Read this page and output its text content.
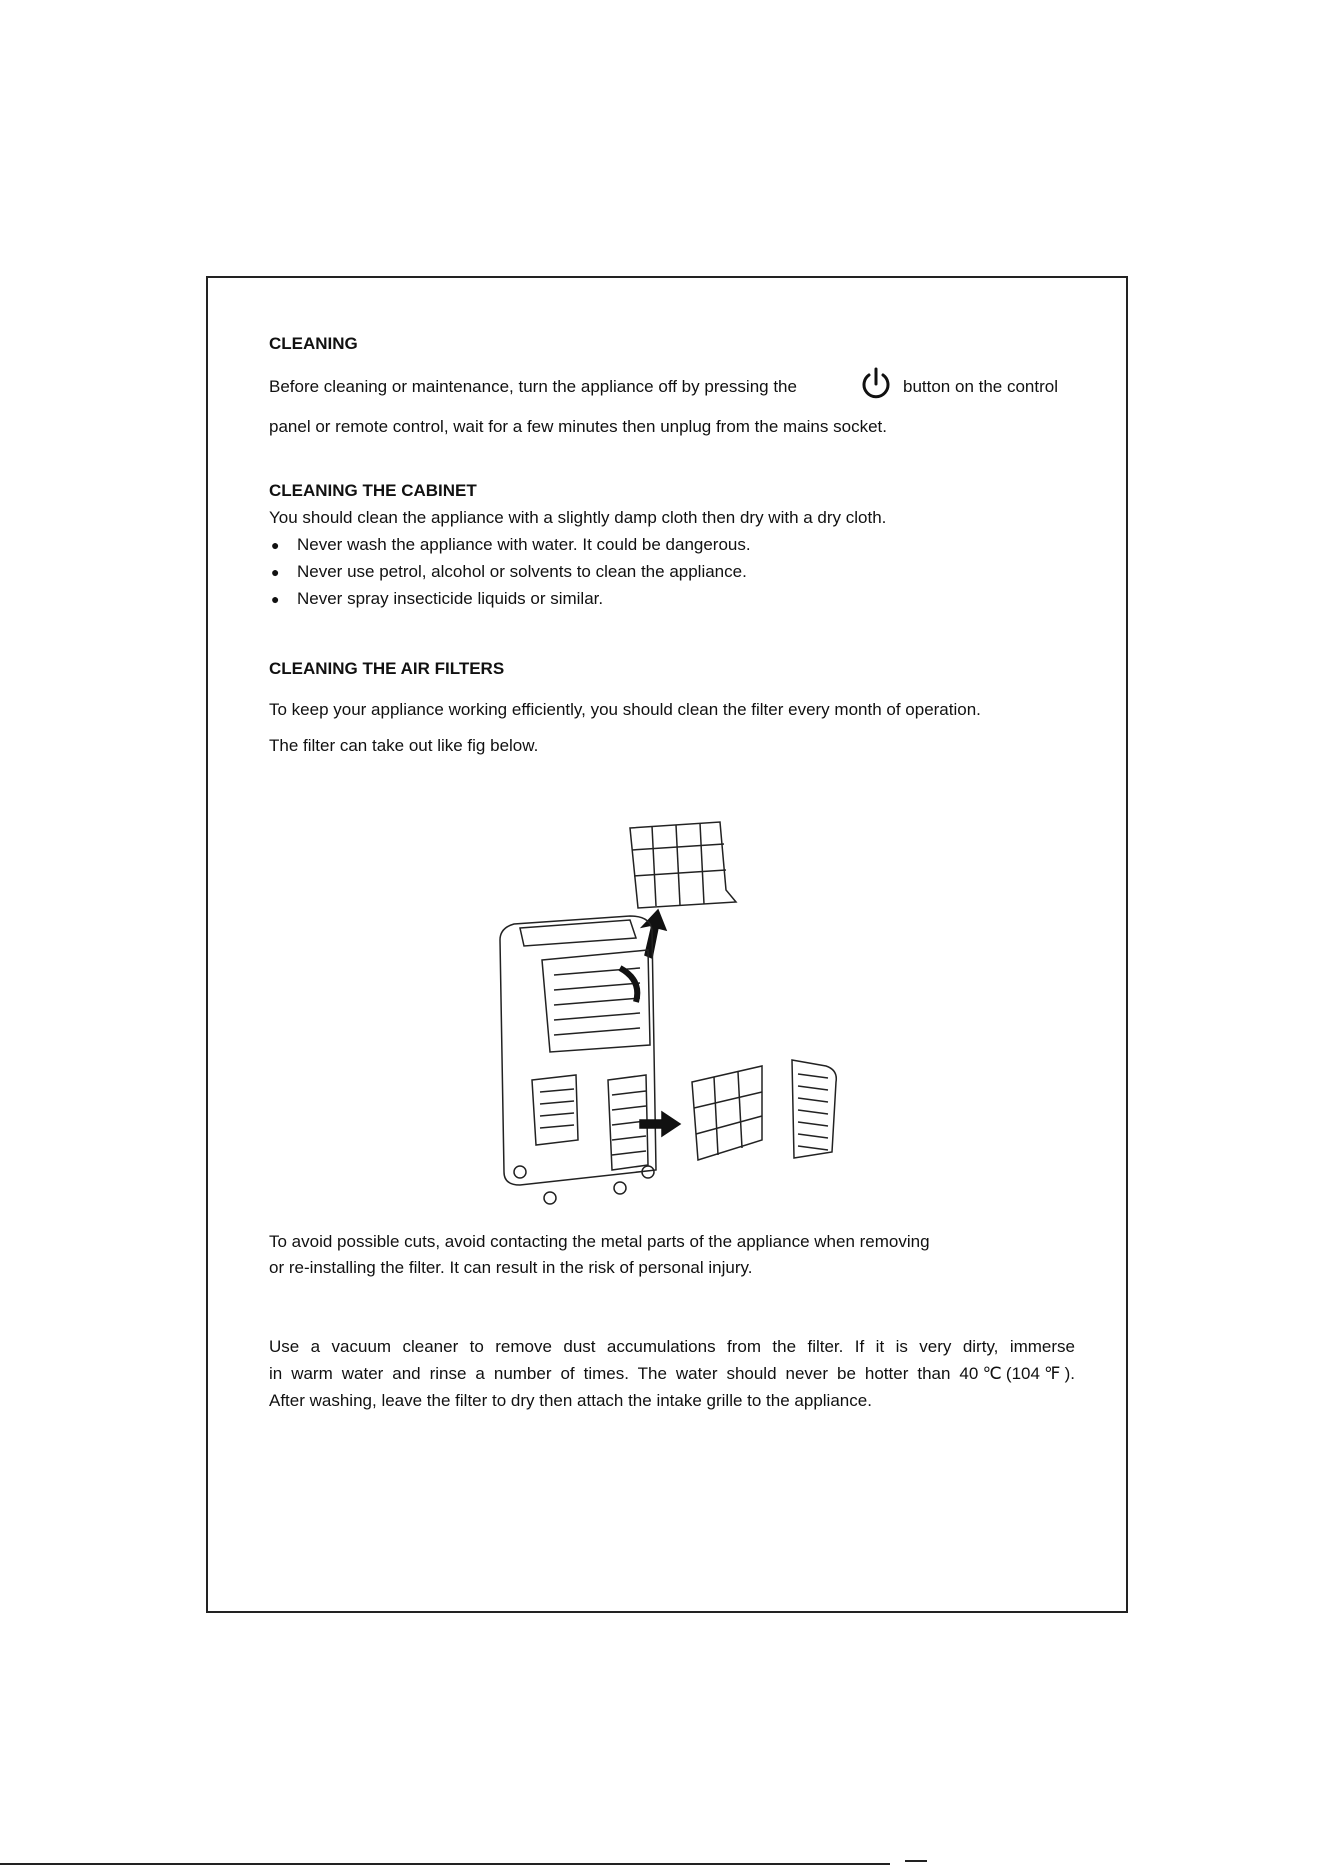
CLEANING
Before cleaning or maintenance, turn the appliance off by pressing the	button on the control
panel or remote control, wait for a few minutes then unplug from the mains socket.
CLEANING THE CABINET
You should clean the appliance with a slightly damp cloth then dry with a dry cloth.
● Never wash the appliance with water. It could be dangerous.
● Never use petrol, alcohol or solvents to clean the appliance.
● Never spray insecticide liquids or similar.
CLEANING THE AIR FILTERS
To keep your appliance working efficiently, you should clean the filter every month of operation.
The filter can take out like fig below.
To avoid possible cuts, avoid contacting the metal parts of the appliance when removing
or re-installing the filter. It can result in the risk of personal injury.
Use a vacuum cleaner to remove dust accumulations from the filter. If it is very dirty, immerse
in warm water and rinse a number of times. The water should never be hotter than 40℃(104℉).
After washing, leave the filter to dry then attach the intake grille to the appliance.
